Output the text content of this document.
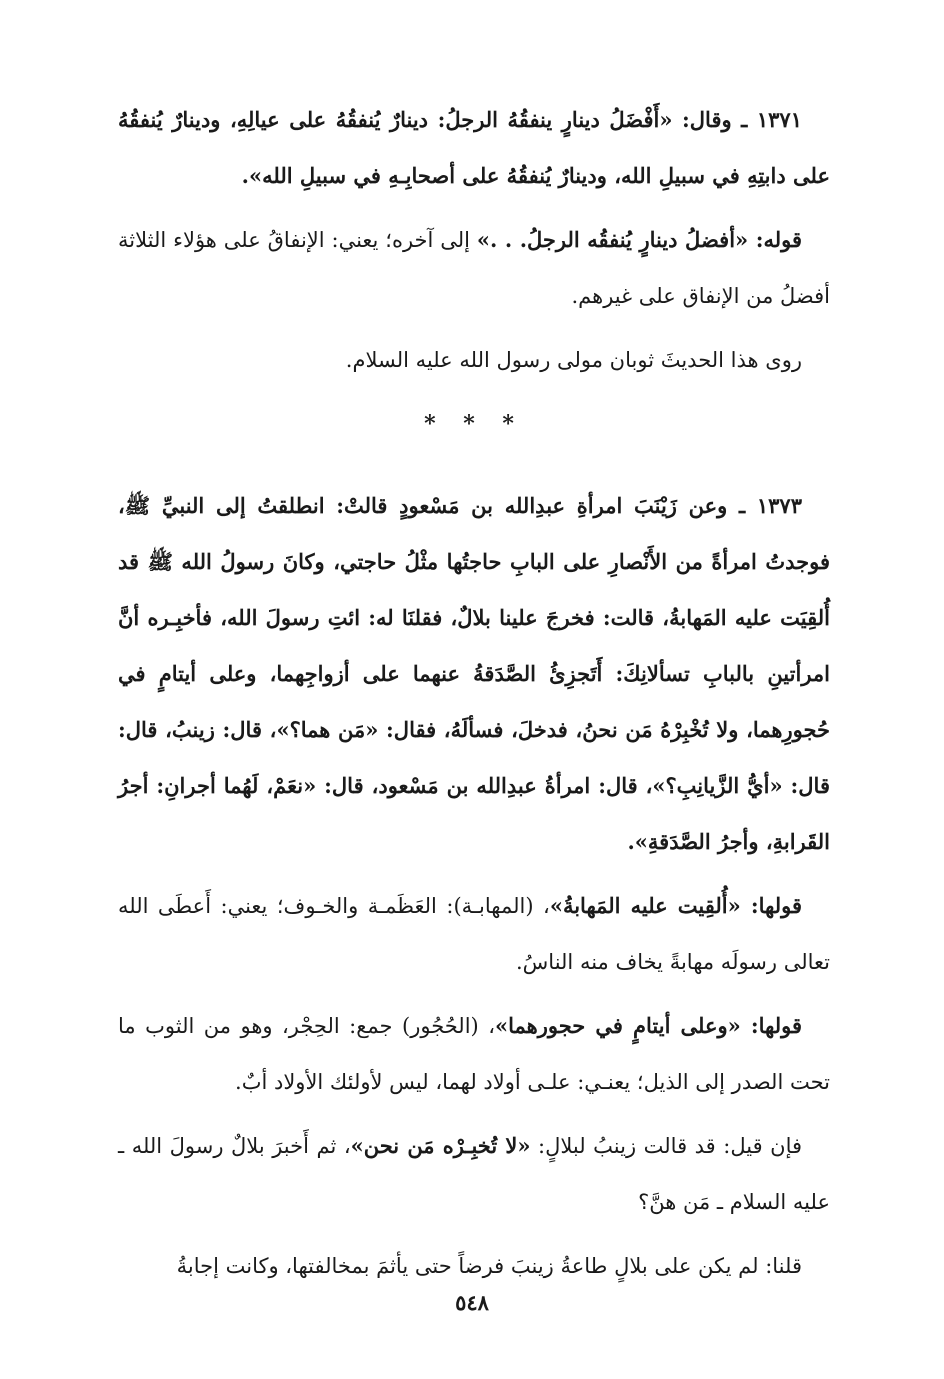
١٣٧١ ـ وقال: «أَفْضَلُ دينارٍ ينفقُهُ الرجلُ: دينارٌ يُنفقُهُ على عيالِهِ، ودينارٌ يُنفقُهُ على دابتِهِ في سبيلِ الله، ودينارٌ يُنفقُهُ على أصحابِـهِ في سبيلِ الله».

قوله: «أفضلُ دينارٍ يُنفقُه الرجلُ. . .» إلى آخره؛ يعني: الإنفاقُ على هؤلاء الثلاثة أفضلُ من الإنفاق على غيرهم.

روى هذا الحديثَ ثوبان مولى رسول الله عليه السلام.

* * *

١٣٧٣ ـ وعن زَيْنَبَ امرأةِ عبدِالله بن مَسْعودٍ قالتْ: انطلقتُ إلى النبيِّ ﷺ، فوجدتُ امرأةً من الأَنْصارِ على البابِ حاجتُها مثْلُ حاجتي، وكانَ رسولُ الله ﷺ قد أُلقِيَت عليه المَهابةُ، قالت: فخرجَ علينا بلالٌ، فقلنَا له: ائتِ رسولَ الله، فأخبِـره أنَّ امرأتينِ بالبابِ تسألانِكَ: أَتَجزِئُ الصَّدَقةُ عنهما على أزواجِهما، وعلى أيتامٍ في حُجورِهما، ولا تُخْبِرْهُ مَن نحنُ، فدخلَ، فسألَهُ، فقال: «مَن هما؟»، قال: زينبُ، قال: قال: «أيُّ الزَّيانِبِ؟»، قال: امرأةُ عبدِالله بن مَسْعود، قال: «نعَمْ، لَهُما أجرانِ: أجرُ القَرابةِ، وأجرُ الصَّدَقةِ».

قولها: «أُلقِيت عليه المَهابةُ»، (المهابـة): العَظَمـة والخـوف؛ يعني: أَعطَى الله تعالى رسولَه مهابةً يخاف منه الناسُ.

قولها: «وعلى أيتامٍ في حجورهما»، (الحُجُور) جمع: الحِجْر، وهو من الثوب ما تحت الصدر إلى الذيل؛ يعنـي: علـى أولاد لهما، ليس لأولئك الأولاد أبٌ.

فإن قيل: قد قالت زينبُ لبلالٍ: «لا تُخبِـرْه مَن نحن»، ثم أَخبرَ بلالٌ رسولَ الله ـ عليه السلام ـ مَن هنَّ؟

قلنا: لم يكن على بلالٍ طاعةُ زينبَ فرضاً حتى يأثمَ بمخالفتها، وكانت إجابةُ

٥٤٨
